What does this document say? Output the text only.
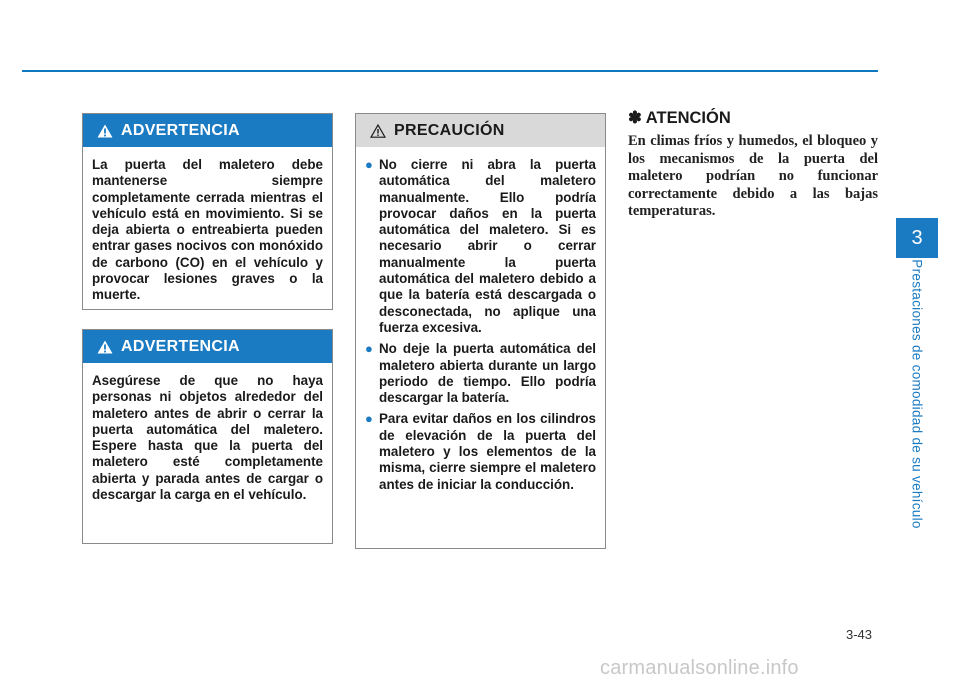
ADVERTENCIA

La puerta del maletero debe mantenerse siempre completamente cerrada mientras el vehículo está en movimiento. Si se deja abierta o entreabierta pueden entrar gases nocivos con monóxido de carbono (CO) en el vehículo y provocar lesiones graves o la muerte.

ADVERTENCIA

Asegúrese de que no haya personas ni objetos alrededor del maletero antes de abrir o cerrar la puerta automática del maletero. Espere hasta que la puerta del maletero esté completamente abierta y parada antes de cargar o descargar la carga en el vehículo.

PRECAUCIÓN
● No cierre ni abra la puerta automática del maletero manualmente. Ello podría provocar daños en la puerta automática del maletero. Si es necesario abrir o cerrar manualmente la puerta automática del maletero debido a que la batería está descargada o desconectada, no aplique una fuerza excesiva.
● No deje la puerta automática del maletero abierta durante un largo periodo de tiempo. Ello podría descargar la batería.
● Para evitar daños en los cilindros de elevación de la puerta del maletero y los elementos de la misma, cierre siempre el maletero antes de iniciar la conducción.
✽ ATENCIÓN
En climas fríos y humedos, el bloqueo y los mecanismos de la puerta del maletero podrían no funcionar correctamente debido a las bajas temperaturas.
3
Prestaciones de comodidad de su vehículo
3-43
carmanualsonline.info
